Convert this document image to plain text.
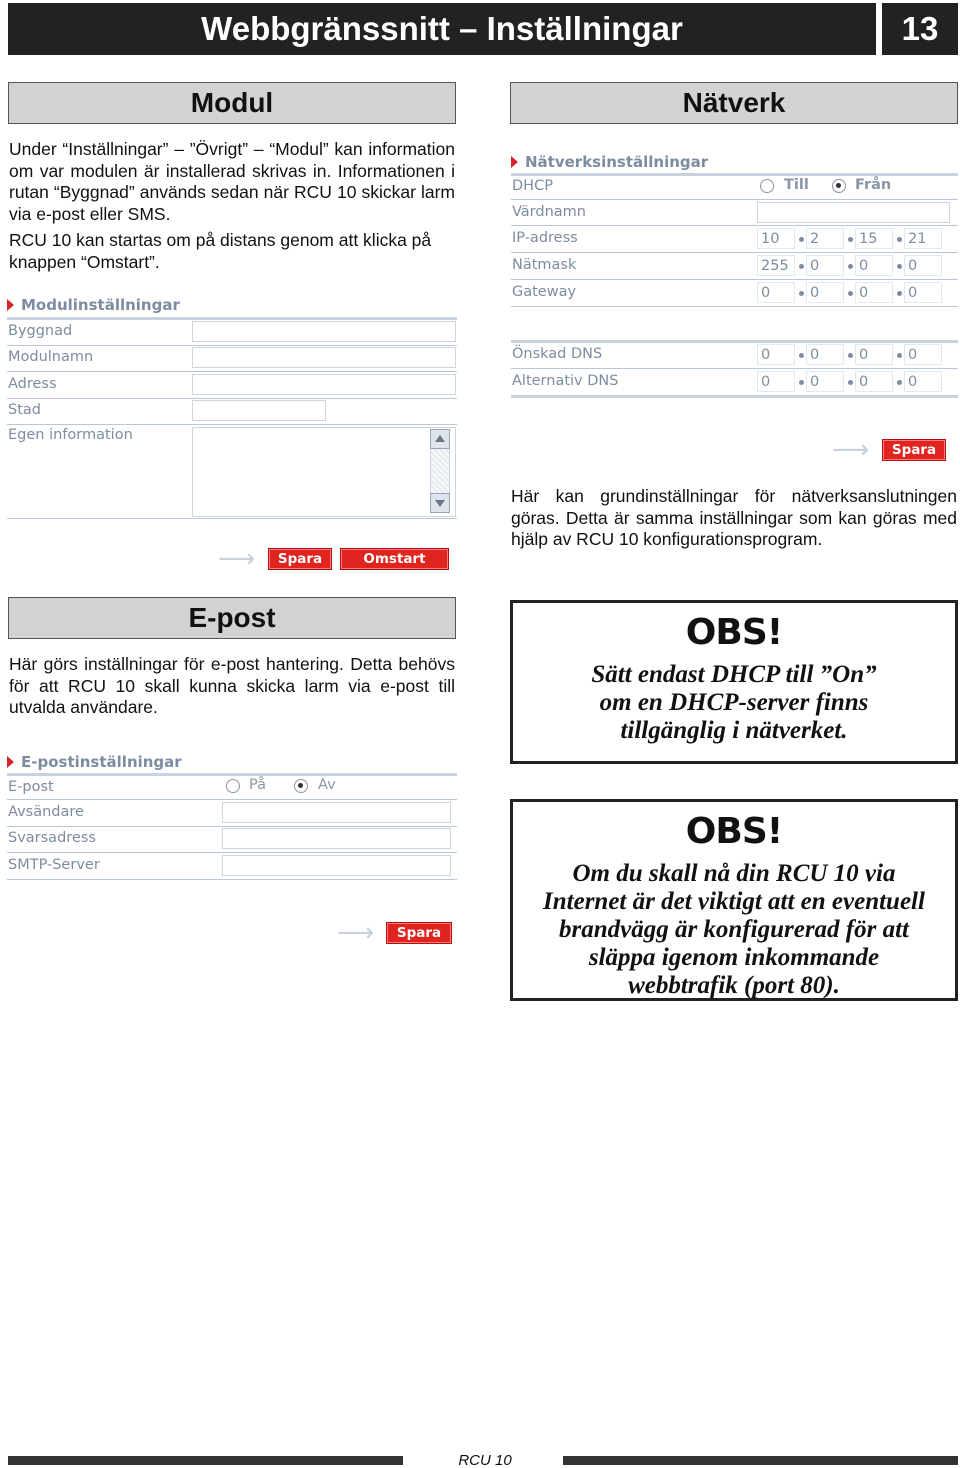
Webbgränssnitt – Inställningar	13
Modul
Under “Inställningar” – ”Övrigt” – “Modul” kan information om var modulen är installerad skrivas in. Informationen i rutan “Byggnad” används sedan när RCU 10 skickar larm via e-post eller SMS.
RCU 10 kan startas om på distans genom att klicka på knappen “Omstart”.
Modulinställningar
Byggnad
Modulnamn
Adress
Stad
Egen information
⟶	Spara	Omstart
Nätverk
Nätverksinställningar
DHCP	Till	Från
Värdnamn
IP-adress	10	2	15	21
Nätmask	255	0	0	0
Gateway	0	0	0	0
Önskad DNS	0	0	0	0
Alternativ DNS	0	0	0	0
⟶	Spara
Här kan grundinställningar för nätverksanslutningen göras. Detta är samma inställningar som kan göras med hjälp av RCU 10 konfigurationsprogram.
E-post
Här görs inställningar för e-post hantering. Detta behövs för att RCU 10 skall kunna skicka larm via e-post till utvalda användare.
E-postinställningar
E-post	På	Av
Avsändare
Svarsadress
SMTP-Server
⟶	Spara
OBS!
Sätt endast DHCP till ”On”
om en DHCP-server finns
tillgänglig i nätverket.
OBS!
Om du skall nå din RCU 10 via
Internet är det viktigt att en eventuell
brandvägg är konfigurerad för att
släppa igenom inkommande
webbtrafik (port 80).
RCU 10
